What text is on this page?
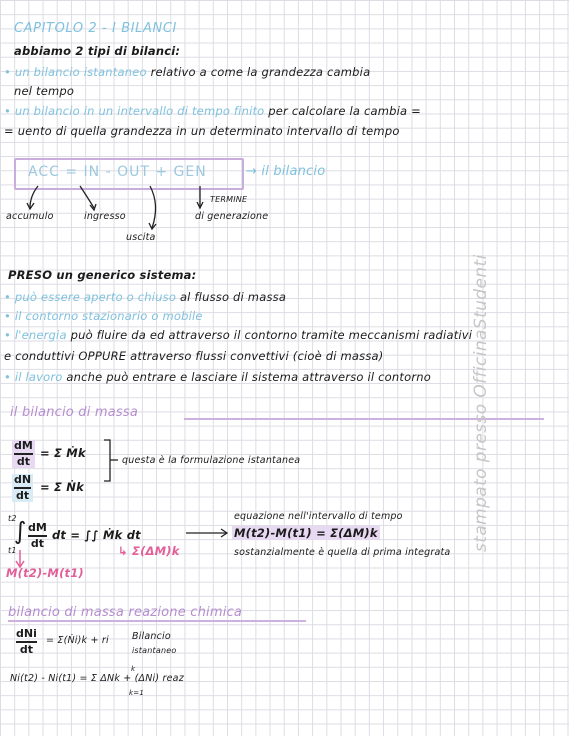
CAPITOLO 2 - I BILANCI
abbiamo 2 tipi di bilanci:
• un bilancio istantaneo relativo a come la grandezza cambia
nel tempo
• un bilancio in un intervallo di tempo finito per calcolare la cambia =
= uento di quella grandezza in un determinato intervallo di tempo
ACC = IN - OUT + GEN	→ il bilancio
accumulo	ingresso
uscita
TERMINE
di generazione
PRESO un generico sistema:
• può essere aperto o chiuso al flusso di massa
• il contorno stazionario o mobile
• l'energia può fluire da ed attraverso il contorno tramite meccanismi radiativi
e conduttivi OPPURE attraverso flussi convettivi (cioè di massa)
• il lavoro anche può entrare e lasciare il sistema attraverso il contorno
il bilancio di massa
dM
dt
= Σ Ṁk
dN
dt
= Σ Ṅk
questa è la formulazione istantanea
t2
t1
∫ dM
dt
dt = ∫∫ Ṁk dt
↳ Σ(ΔM)k
M(t2)-M(t1)
equazione nell'intervallo di tempo
M(t2)-M(t1) = Σ(ΔM)k
sostanzialmente è quella di prima integrata
bilancio di massa reazione chimica
dNi
dt
= Σ(Ṅi)k + ri Bilancio
istantaneo
k
Ni(t2) - Ni(t1) = Σ ΔNk + (ΔNi) reaz
k=1
stampato presso OfficinaStudenti
